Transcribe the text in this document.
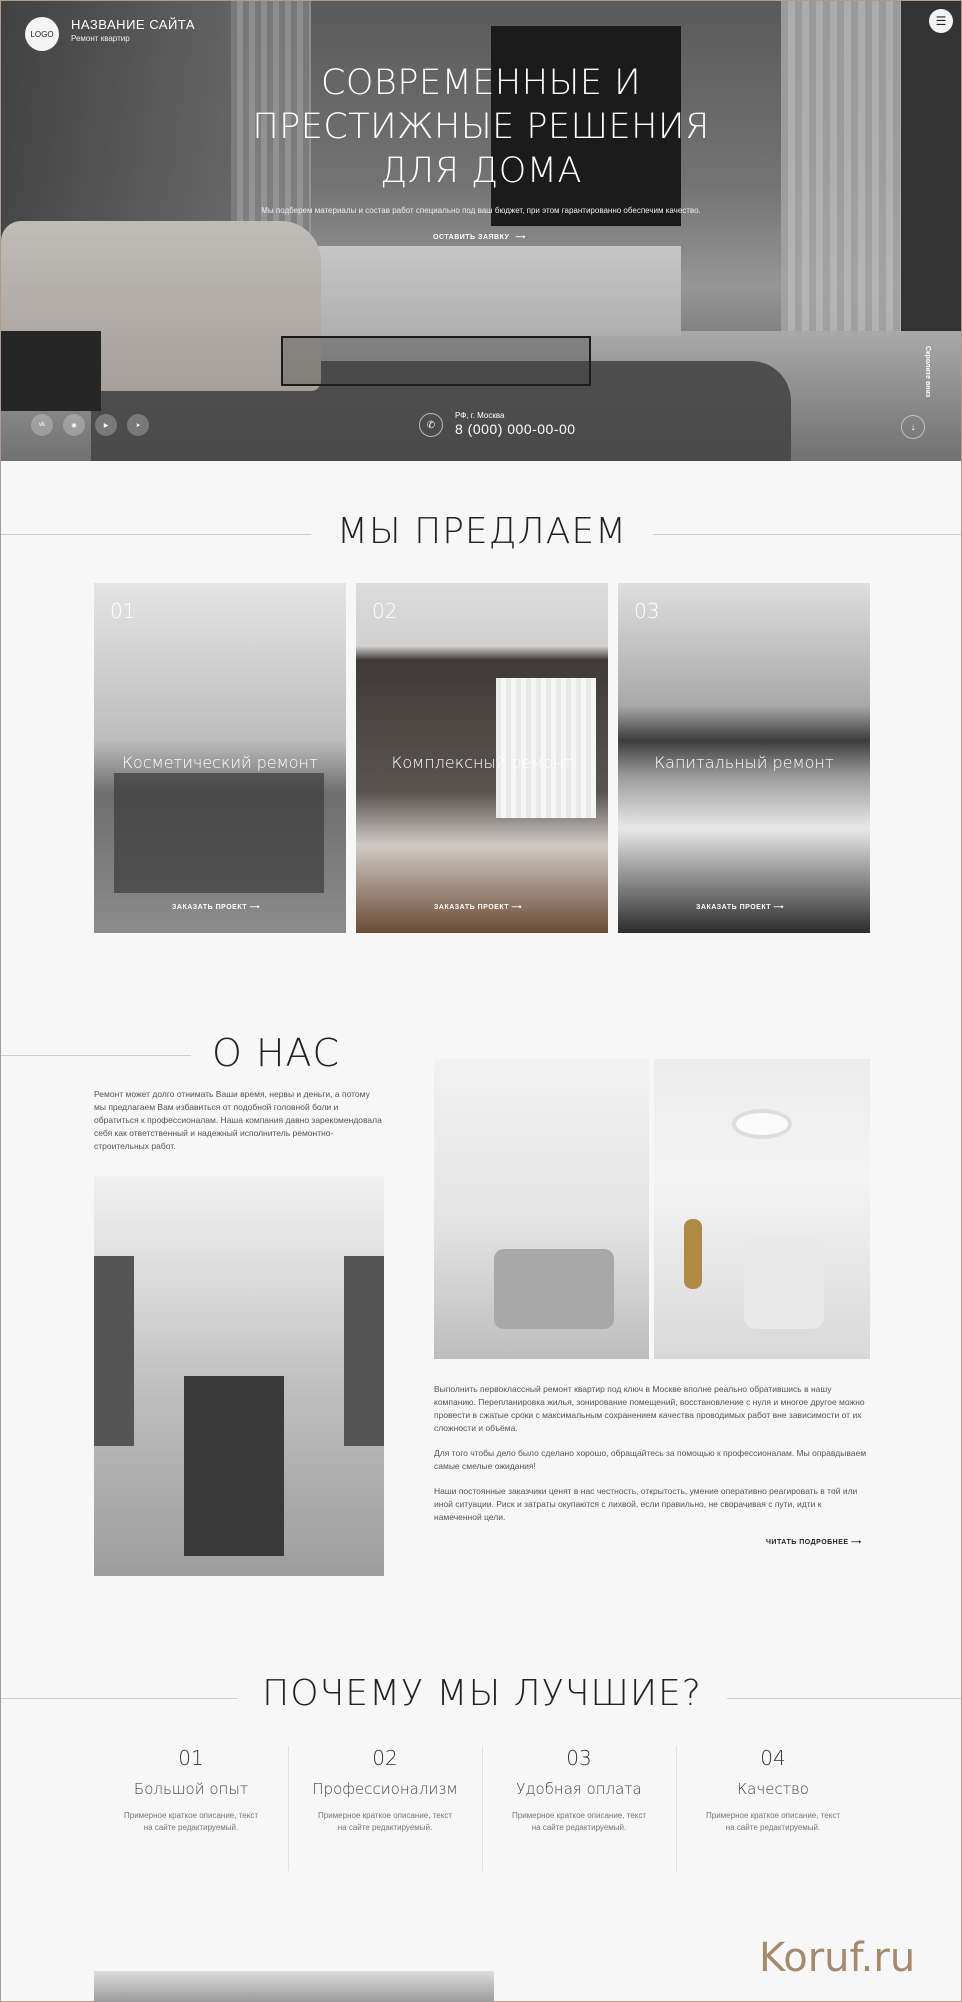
LOGO
НАЗВАНИЕ САЙТА
Ремонт квартир
☰
СОВРЕМЕННЫЕ И ПРЕСТИЖНЫЕ РЕШЕНИЯ ДЛЯ ДОМА
Мы подберем материалы и состав работ специально под ваш бюджет, при этом гарантированно обеспечим качество.
ОСТАВИТЬ ЗАЯВКУ ⟶
vk	◉	▶	➤	✆
РФ, г. Москва
8 (000) 000-00-00
Скролите вниз
↓
МЫ ПРЕДЛАЕМ
01
Косметический ремонт
ЗАКАЗАТЬ ПРОЕКТ ⟶
02
Комплексный ремонт
ЗАКАЗАТЬ ПРОЕКТ ⟶
03
Капитальный ремонт
ЗАКАЗАТЬ ПРОЕКТ ⟶
О НАС
Ремонт может долго отнимать Ваши время, нервы и деньги, а потому мы предлагаем Вам избавиться от подобной головной боли и обратиться к профессионалам. Наша компания давно зарекомендовала себя как ответственный и надежный исполнитель ремонтно-строительных работ.
Выполнить первоклассный ремонт квартир под ключ в Москве вполне реально обратившись в нашу компанию. Перепланировка жилья, зонирование помещений, восстановление с нуля и многое другое можно провести в сжатые сроки с максимальным сохранением качества проводимых работ вне зависимости от их сложности и объёма.
Для того чтобы дело было сделано хорошо, обращайтесь за помощью к профессионалам. Мы оправдываем самые смелые ожидания!
Наши постоянные заказчики ценят в нас честность, открытость, умение оперативно реагировать в той или иной ситуации. Риск и затраты окупаются с лихвой, если правильно, не сворачивая с пути, идти к намеченной цели.
ЧИТАТЬ ПОДРОБНЕЕ ⟶
ПОЧЕМУ МЫ ЛУЧШИЕ?
01
Большой опыт
Примерное краткое описание, текст на сайте редактируемый.
02
Профессионализм
Примерное краткое описание, текст на сайте редактируемый.
03
Удобная оплата
Примерное краткое описание, текст на сайте редактируемый.
04
Качество
Примерное краткое описание, текст на сайте редактируемый.
Koruf.ru
